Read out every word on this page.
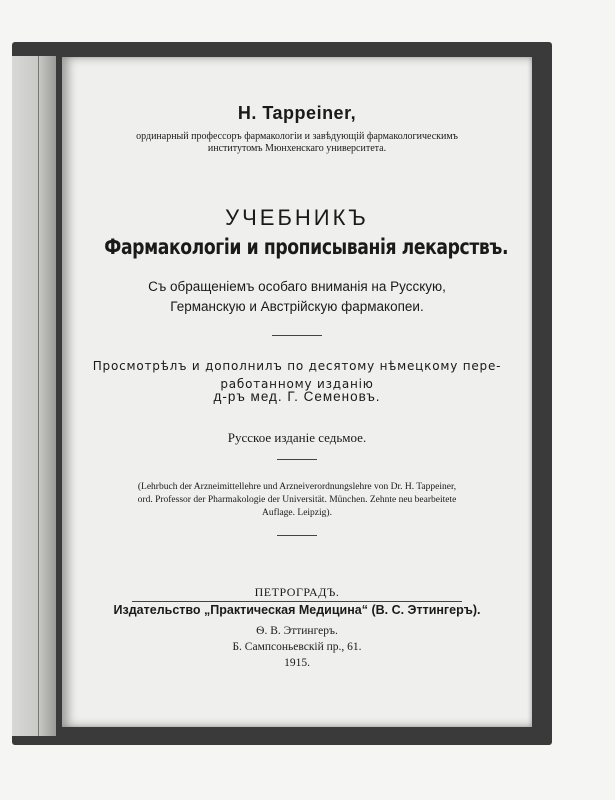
H. Tappeiner,
ординарный профессоръ фармакологіи и завѣдующій фармакологическимъ
институтомъ Мюнхенскаго университета.
УЧЕБНИКЪ
Фармакологіи и прописыванія лекарствъ.
Съ обращеніемъ особаго вниманія на Русскую,
Германскую и Австрійскую фармакопеи.
Просмотрѣлъ и дополнилъ по десятому нѣмецкому пере-
работанному изданію
д-ръ мед. Г. Семеновъ.
Русское изданіе седьмое.
(Lehrbuch der Arzneimittellehre und Arzneiverordnungslehre von Dr. H. Tappeiner,
ord. Professor der Pharmakologie der Universität. München. Zehnte neu bearbeitete
Auflage. Leipzig).
ПЕТРОГРАДЪ.
Издательство „Практическая Медицина“ (В. С. Эттингеръ).
Ѳ. В. Эттингеръ.
Б. Сампсоньевскій пр., 61.
1915.
